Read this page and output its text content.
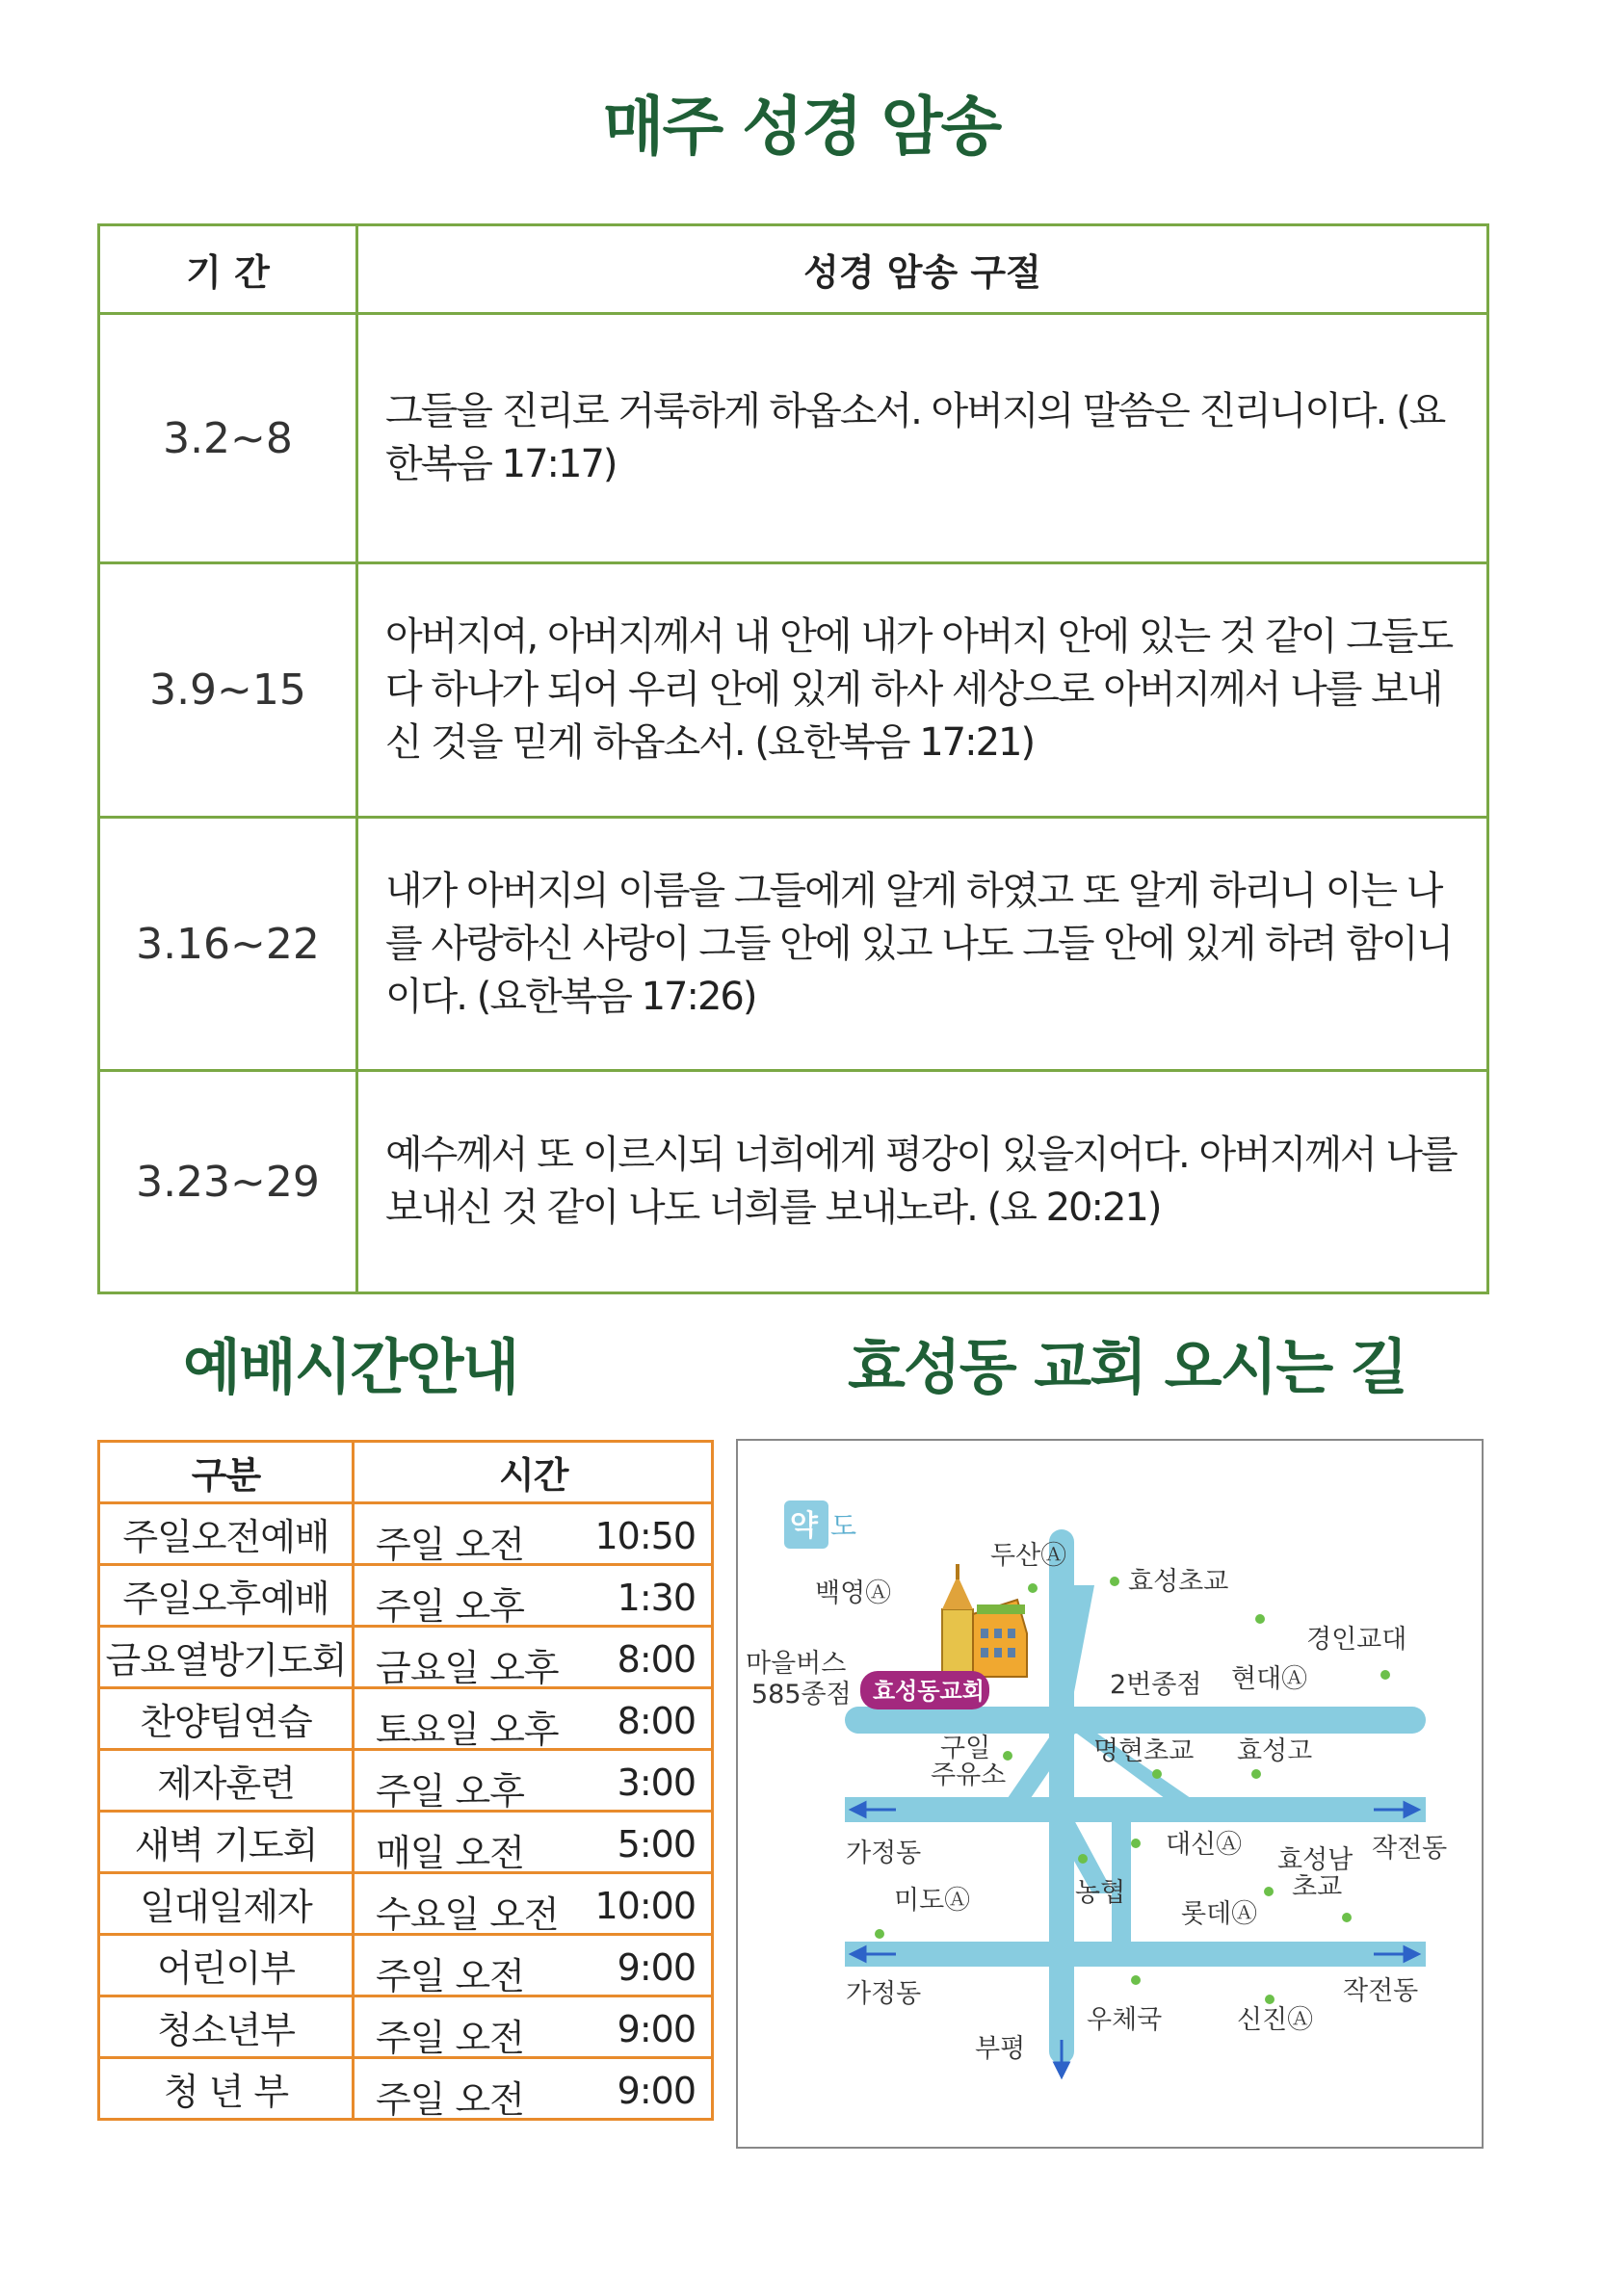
매주 성경 암송
기 간	성경 암송 구절
3.2~8	그들을 진리로 거룩하게 하옵소서. 아버지의 말씀은 진리니이다. (요한복음 17:17)
3.9~15	아버지여, 아버지께서 내 안에 내가 아버지 안에 있는 것 같이 그들도 다 하나가 되어 우리 안에 있게 하사 세상으로 아버지께서 나를 보내신 것을 믿게 하옵소서. (요한복음 17:21)
3.16~22	내가 아버지의 이름을 그들에게 알게 하였고 또 알게 하리니 이는 나를 사랑하신 사랑이 그들 안에 있고 나도 그들 안에 있게 하려 함이니이다. (요한복음 17:26)
3.23~29	예수께서 또 이르시되 너희에게 평강이 있을지어다. 아버지께서 나를 보내신 것 같이 나도 너희를 보내노라. (요 20:21)
예배시간안내	효성동 교회 오시는 길
구분	시간
주일오전예배	주일 오전 10:50

주일오후예배	주일 오후 1:30

금요열방기도회	금요일 오후 8:00

찬양팀연습	토요일 오후 8:00

제자훈련	주일 오후 3:00

새벽 기도회	매일 오전 5:00

일대일제자	수요일 오전 10:00

어린이부	주일 오전 9:00

청소년부	주일 오전 9:00

청 년 부	주일 오전 9:00
약 도
효성동교회
백영Ⓐ
두산Ⓐ
효성초교
경인교대
현대Ⓐ
마을버스
585종점	2번종점
구일
주유소
명현초교 효성고
가정동	작전동
대신Ⓐ
효성남
초교
미도Ⓐ	농협
롯데Ⓐ
가정동	작전동
우체국	신진Ⓐ
부평
